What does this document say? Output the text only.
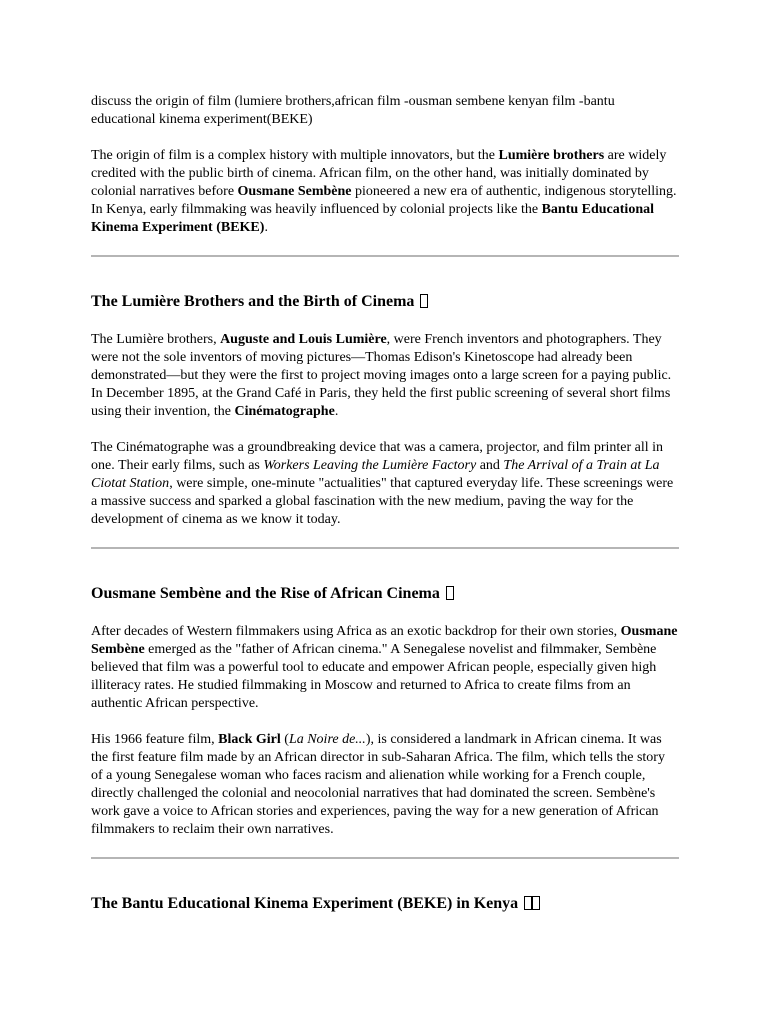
discuss the origin of film (lumiere brothers,african film -ousman sembene kenyan film -bantu educational kinema experiment(BEKE)

The origin of film is a complex history with multiple innovators, but the Lumière brothers are widely credited with the public birth of cinema. African film, on the other hand, was initially dominated by colonial narratives before Ousmane Sembène pioneered a new era of authentic, indigenous storytelling. In Kenya, early filmmaking was heavily influenced by colonial projects like the Bantu Educational Kinema Experiment (BEKE).

The Lumière Brothers and the Birth of Cinema

The Lumière brothers, Auguste and Louis Lumière, were French inventors and photographers. They were not the sole inventors of moving pictures—Thomas Edison's Kinetoscope had already been demonstrated—but they were the first to project moving images onto a large screen for a paying public. In December 1895, at the Grand Café in Paris, they held the first public screening of several short films using their invention, the Cinématographe.

The Cinématographe was a groundbreaking device that was a camera, projector, and film printer all in one. Their early films, such as Workers Leaving the Lumière Factory and The Arrival of a Train at La Ciotat Station, were simple, one-minute "actualities" that captured everyday life. These screenings were a massive success and sparked a global fascination with the new medium, paving the way for the development of cinema as we know it today.

Ousmane Sembène and the Rise of African Cinema

After decades of Western filmmakers using Africa as an exotic backdrop for their own stories, Ousmane Sembène emerged as the "father of African cinema." A Senegalese novelist and filmmaker, Sembène believed that film was a powerful tool to educate and empower African people, especially given high illiteracy rates. He studied filmmaking in Moscow and returned to Africa to create films from an authentic African perspective.

His 1966 feature film, Black Girl (La Noire de...), is considered a landmark in African cinema. It was the first feature film made by an African director in sub-Saharan Africa. The film, which tells the story of a young Senegalese woman who faces racism and alienation while working for a French couple, directly challenged the colonial and neocolonial narratives that had dominated the screen. Sembène's work gave a voice to African stories and experiences, paving the way for a new generation of African filmmakers to reclaim their own narratives.

The Bantu Educational Kinema Experiment (BEKE) in Kenya
